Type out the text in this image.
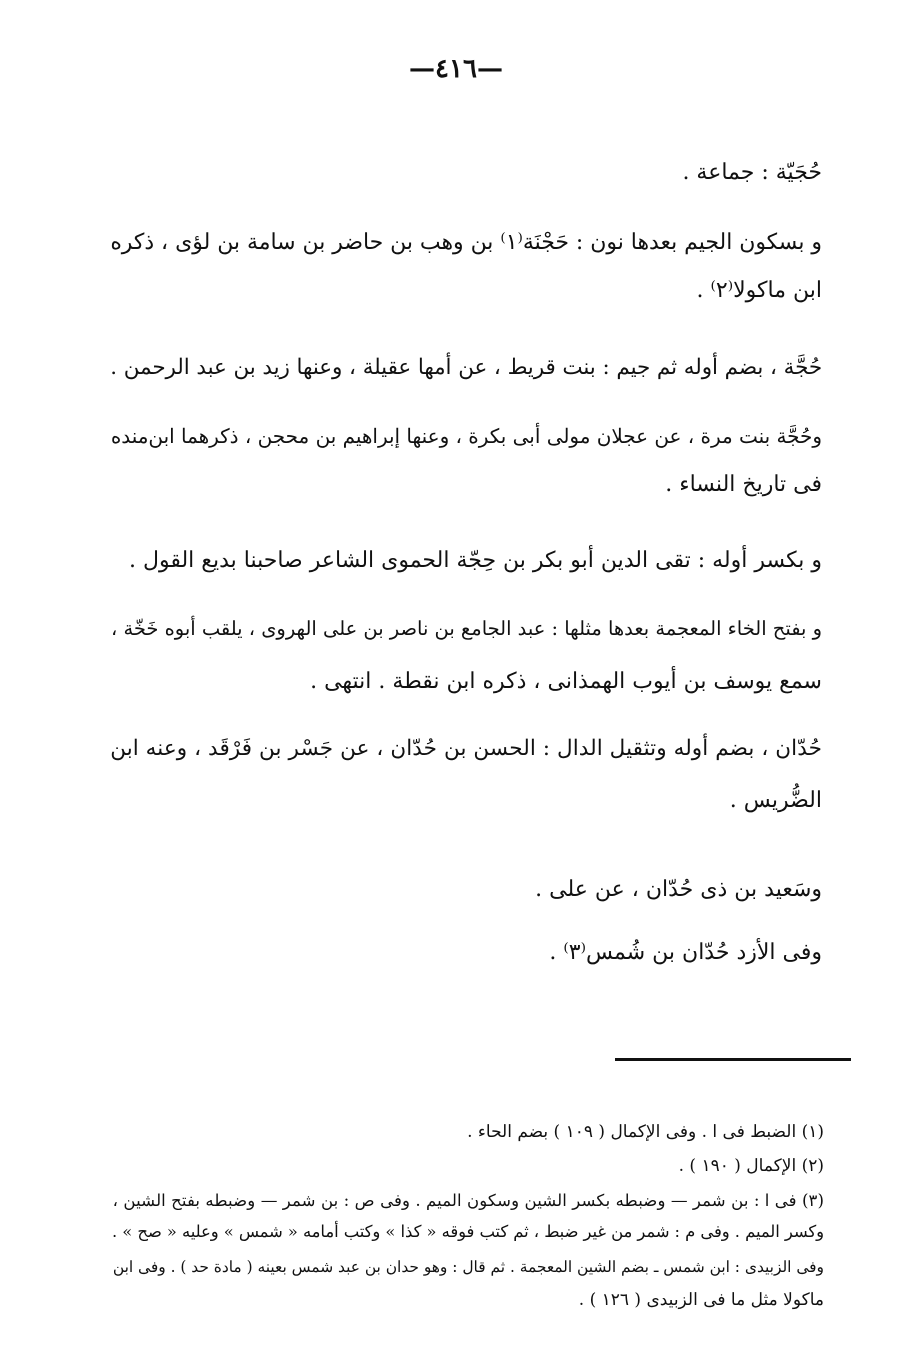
—٤١٦—
حُجَيّة : جماعة .
و بسكون الجيم بعدها نون : حَجْنَة⁽١⁾ بن وهب بن حاضر بن سامة بن لؤى ، ذكره
ابن ماكولا⁽٢⁾ .
حُجَّة ، بضم أوله ثم جيم : بنت قريط ، عن أمها عقيلة ، وعنها زيد بن عبد الرحمن .
وحُجَّة بنت مرة ، عن عجلان مولى أبى بكرة ، وعنها إبراهيم بن محجن ، ذكرهما ابن‌منده
فى تاريخ النساء .
و بكسر أوله : تقى الدين أبو بكر بن حِجّة الحموى الشاعر صاحبنا بديع القول .
و بفتح الخاء المعجمة بعدها مثلها : عبد الجامع بن ناصر بن على الهروى ، يلقب أبوه خَخّة ،
سمع يوسف بن أيوب الهمذانى ، ذكره ابن نقطة . انتهى .
حُدّان ، بضم أوله وتثقيل الدال : الحسن بن حُدّان ، عن جَسْر بن فَرْقَد ، وعنه ابن
الضُّريس .
وسَعيد بن ذى حُدّان ، عن على .
وفى الأزد حُدّان بن شُمس⁽٣⁾ .
(١) الضبط فى ا . وفى الإكمال ( ١٠٩ ) بضم الحاء .
(٢) الإكمال ( ١٩٠ ) .
(٣) فى ا : بن شمر — وضبطه بكسر الشين وسكون الميم . وفى ص : بن شمر — وضبطه بفتح الشين ،
وكسر الميم . وفى م : شمر من غير ضبط ، ثم كتب فوقه « كذا » وكتب أمامه « شمس » وعليه « صح » .
وفى الزبيدى : ابن شمس ـ بضم الشين المعجمة . ثم قال : وهو حدان بن عبد شمس بعينه ( مادة حد ) . وفى ابن
ماكولا مثل ما فى الزبيدى ( ١٢٦ ) .
